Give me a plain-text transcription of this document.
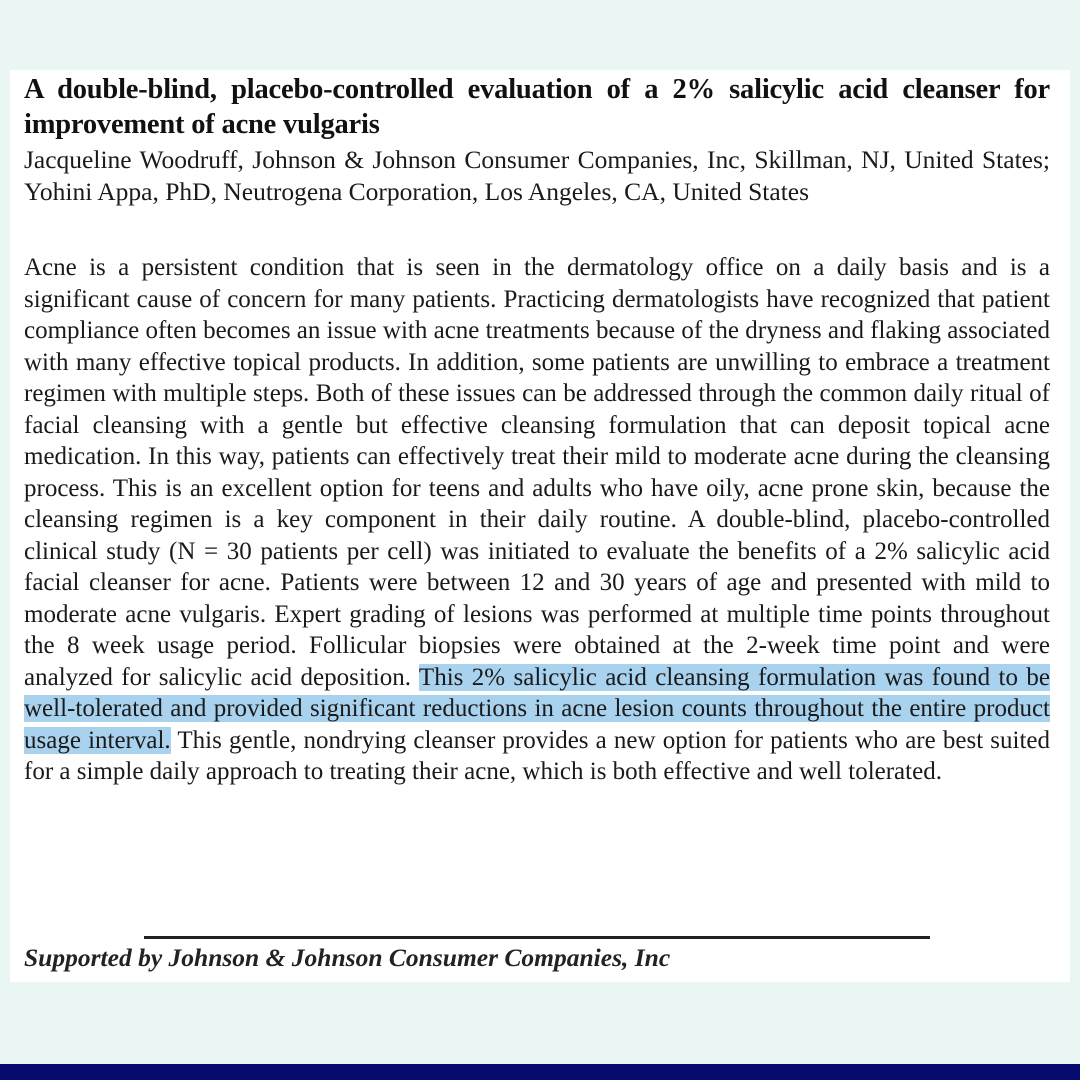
A double-blind, placebo-controlled evaluation of a 2% salicylic acid cleanser for improvement of acne vulgaris

Jacqueline Woodruff, Johnson & Johnson Consumer Companies, Inc, Skillman, NJ, United States; Yohini Appa, PhD, Neutrogena Corporation, Los Angeles, CA, United States

Acne is a persistent condition that is seen in the dermatology office on a daily basis and is a significant cause of concern for many patients. Practicing dermatologists have recognized that patient compliance often becomes an issue with acne treatments because of the dryness and flaking associated with many effective topical products. In addition, some patients are unwilling to embrace a treatment regimen with multiple steps. Both of these issues can be addressed through the common daily ritual of facial cleansing with a gentle but effective cleansing formulation that can deposit topical acne medication. In this way, patients can effectively treat their mild to moderate acne during the cleansing process. This is an excellent option for teens and adults who have oily, acne prone skin, because the cleansing regimen is a key component in their daily routine. A double-blind, placebo-controlled clinical study (N = 30 patients per cell) was initiated to evaluate the benefits of a 2% salicylic acid facial cleanser for acne. Patients were between 12 and 30 years of age and presented with mild to moderate acne vulgaris. Expert grading of lesions was performed at multiple time points throughout the 8 week usage period. Follicular biopsies were obtained at the 2-week time point and were analyzed for salicylic acid deposition. This 2% salicylic acid cleansing formulation was found to be well-tolerated and provided significant reductions in acne lesion counts throughout the entire product usage interval. This gentle, nondrying cleanser provides a new option for patients who are best suited for a simple daily approach to treating their acne, which is both effective and well tolerated.

Supported by Johnson & Johnson Consumer Companies, Inc
